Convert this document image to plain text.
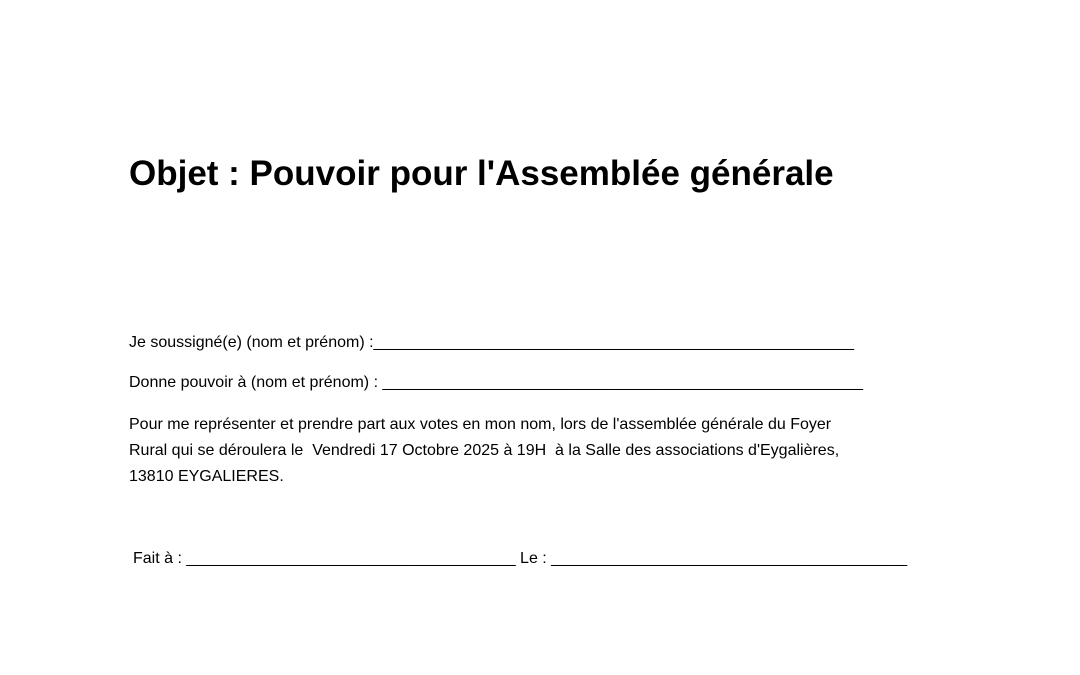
Objet : Pouvoir pour l'Assemblée générale
Je soussigné(e) (nom et prénom) :______________________________________________________
Donne pouvoir à (nom et prénom) : ______________________________________________________
Pour me représenter et prendre part aux votes en mon nom, lors de l'assemblée générale du Foyer
Rural qui se déroulera le  Vendredi 17 Octobre 2025 à 19H  à la Salle des associations d'Eygalières,
13810 EYGALIERES.
Fait à : _____________________________________ Le : ________________________________________
